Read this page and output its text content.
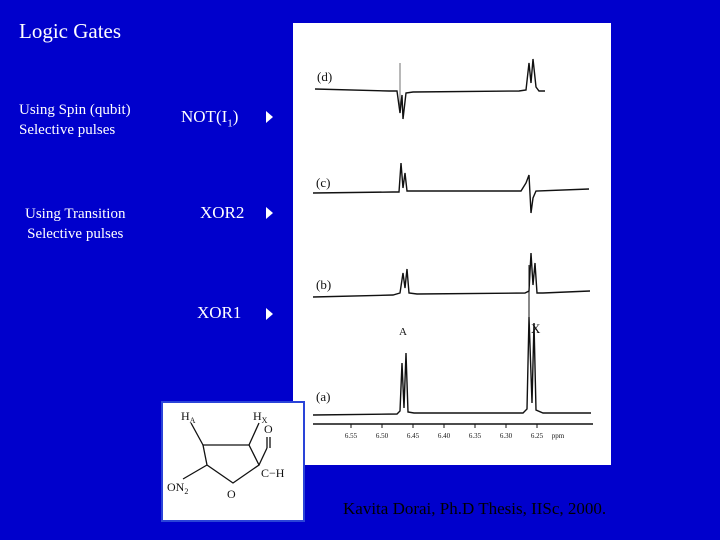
Logic Gates
Using Spin (qubit)
Selective pulses
Using Transition
Selective pulses
$NOT(I_1)$
XOR2
XOR1
(d)
(c)
(b)
(a)
A	X
6.55	6.50	6.45	6.40	6.35	6.30	6.25 ppm
$H_A$	$H_X$
O
C−H
O
$ON_2$
Kavita Dorai, Ph.D Thesis, IISc, 2000.
